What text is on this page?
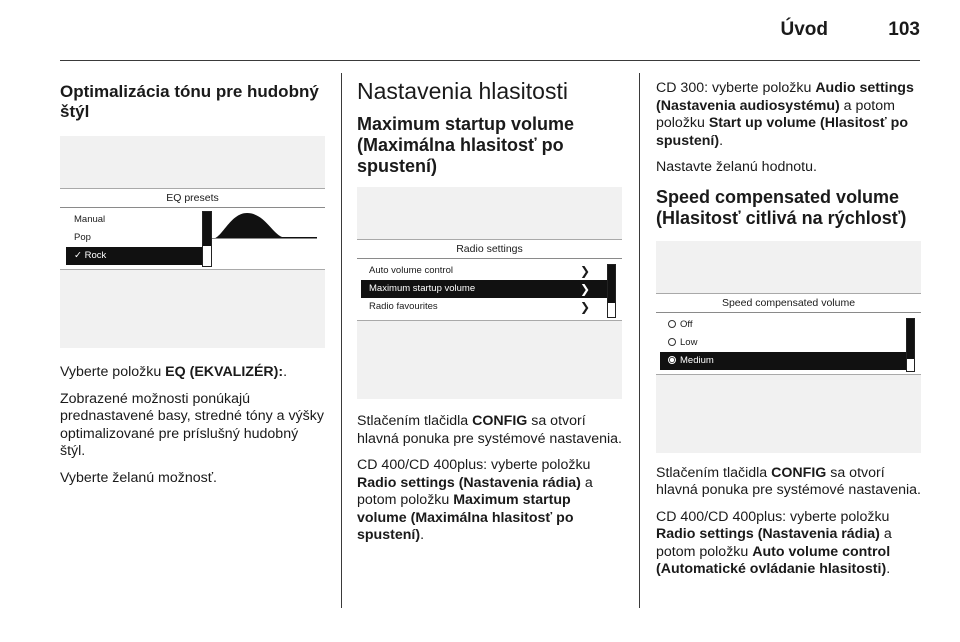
Úvod	103
Optimalizácia tónu pre hudobný štýl
EQ presets
Manual
Pop
✓ Rock

Vyberte položku EQ (EKVALIZÉR):.

Zobrazené možnosti ponúkajú prednastavené basy, stredné tóny a výšky optimalizované pre príslušný hudobný štýl.

Vyberte želanú možnosť.

Nastavenia hlasitosti
Maximum startup volume (Maximálna hlasitosť po spustení)
Radio settings
Auto volume control	❯
Maximum startup volume	❯
Radio favourites	❯

Stlačením tlačidla CONFIG sa otvorí hlavná ponuka pre systémové nastavenia.

CD 400/CD 400plus: vyberte položku Radio settings (Nastavenia rádia) a potom položku Maximum startup volume (Maximálna hlasitosť po spustení).

CD 300: vyberte položku Audio settings (Nastavenia audiosystému) a potom položku Start up volume (Hlasitosť po spustení).

Nastavte želanú hodnotu.

Speed compensated volume (Hlasitosť citlivá na rýchlosť)
Speed compensated volume
Off
Low
Medium

Stlačením tlačidla CONFIG sa otvorí hlavná ponuka pre systémové nastavenia.

CD 400/CD 400plus: vyberte položku Radio settings (Nastavenia rádia) a potom položku Auto volume control (Automatické ovládanie hlasitosti).
